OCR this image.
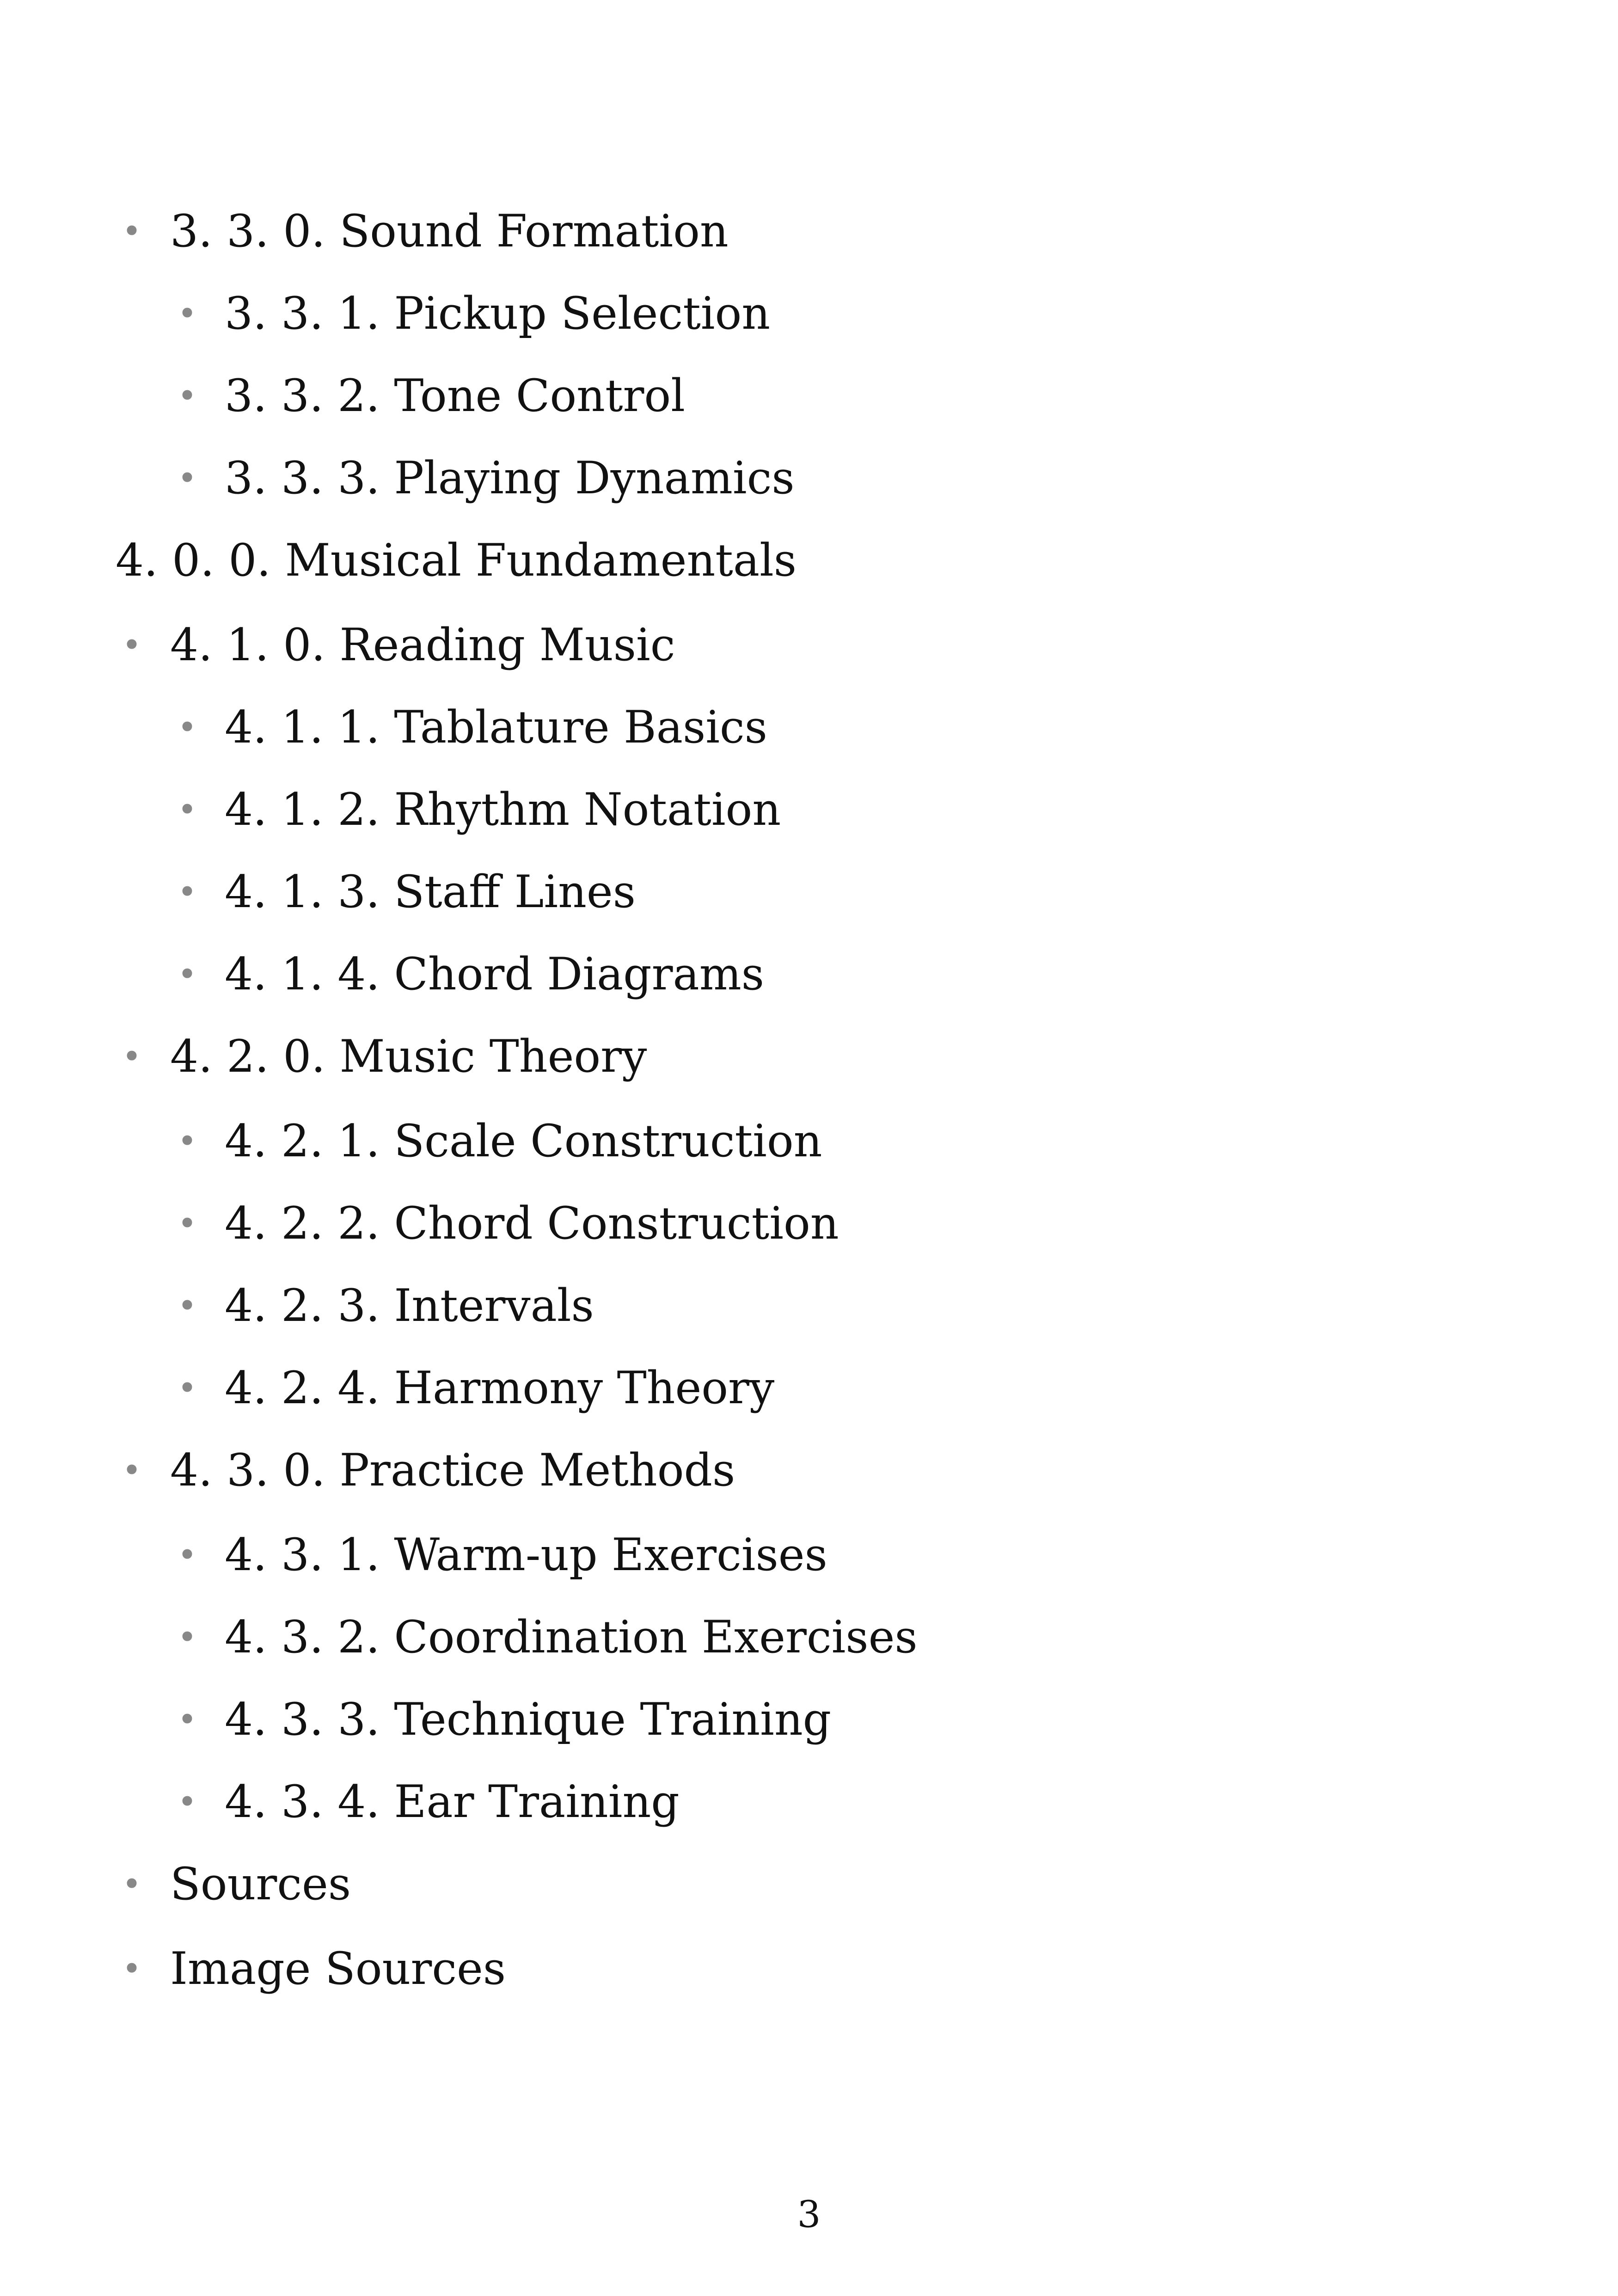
• 3. 3. 0. Sound Formation
• 3. 3. 1. Pickup Selection
• 3. 3. 2. Tone Control
• 3. 3. 3. Playing Dynamics
4. 0. 0. Musical Fundamentals
• 4. 1. 0. Reading Music
• 4. 1. 1. Tablature Basics
• 4. 1. 2. Rhythm Notation
• 4. 1. 3. Staff Lines
• 4. 1. 4. Chord Diagrams
• 4. 2. 0. Music Theory
• 4. 2. 1. Scale Construction
• 4. 2. 2. Chord Construction
• 4. 2. 3. Intervals
• 4. 2. 4. Harmony Theory
• 4. 3. 0. Practice Methods
• 4. 3. 1. Warm-up Exercises
• 4. 3. 2. Coordination Exercises
• 4. 3. 3. Technique Training
• 4. 3. 4. Ear Training
• Sources
• Image Sources
3
